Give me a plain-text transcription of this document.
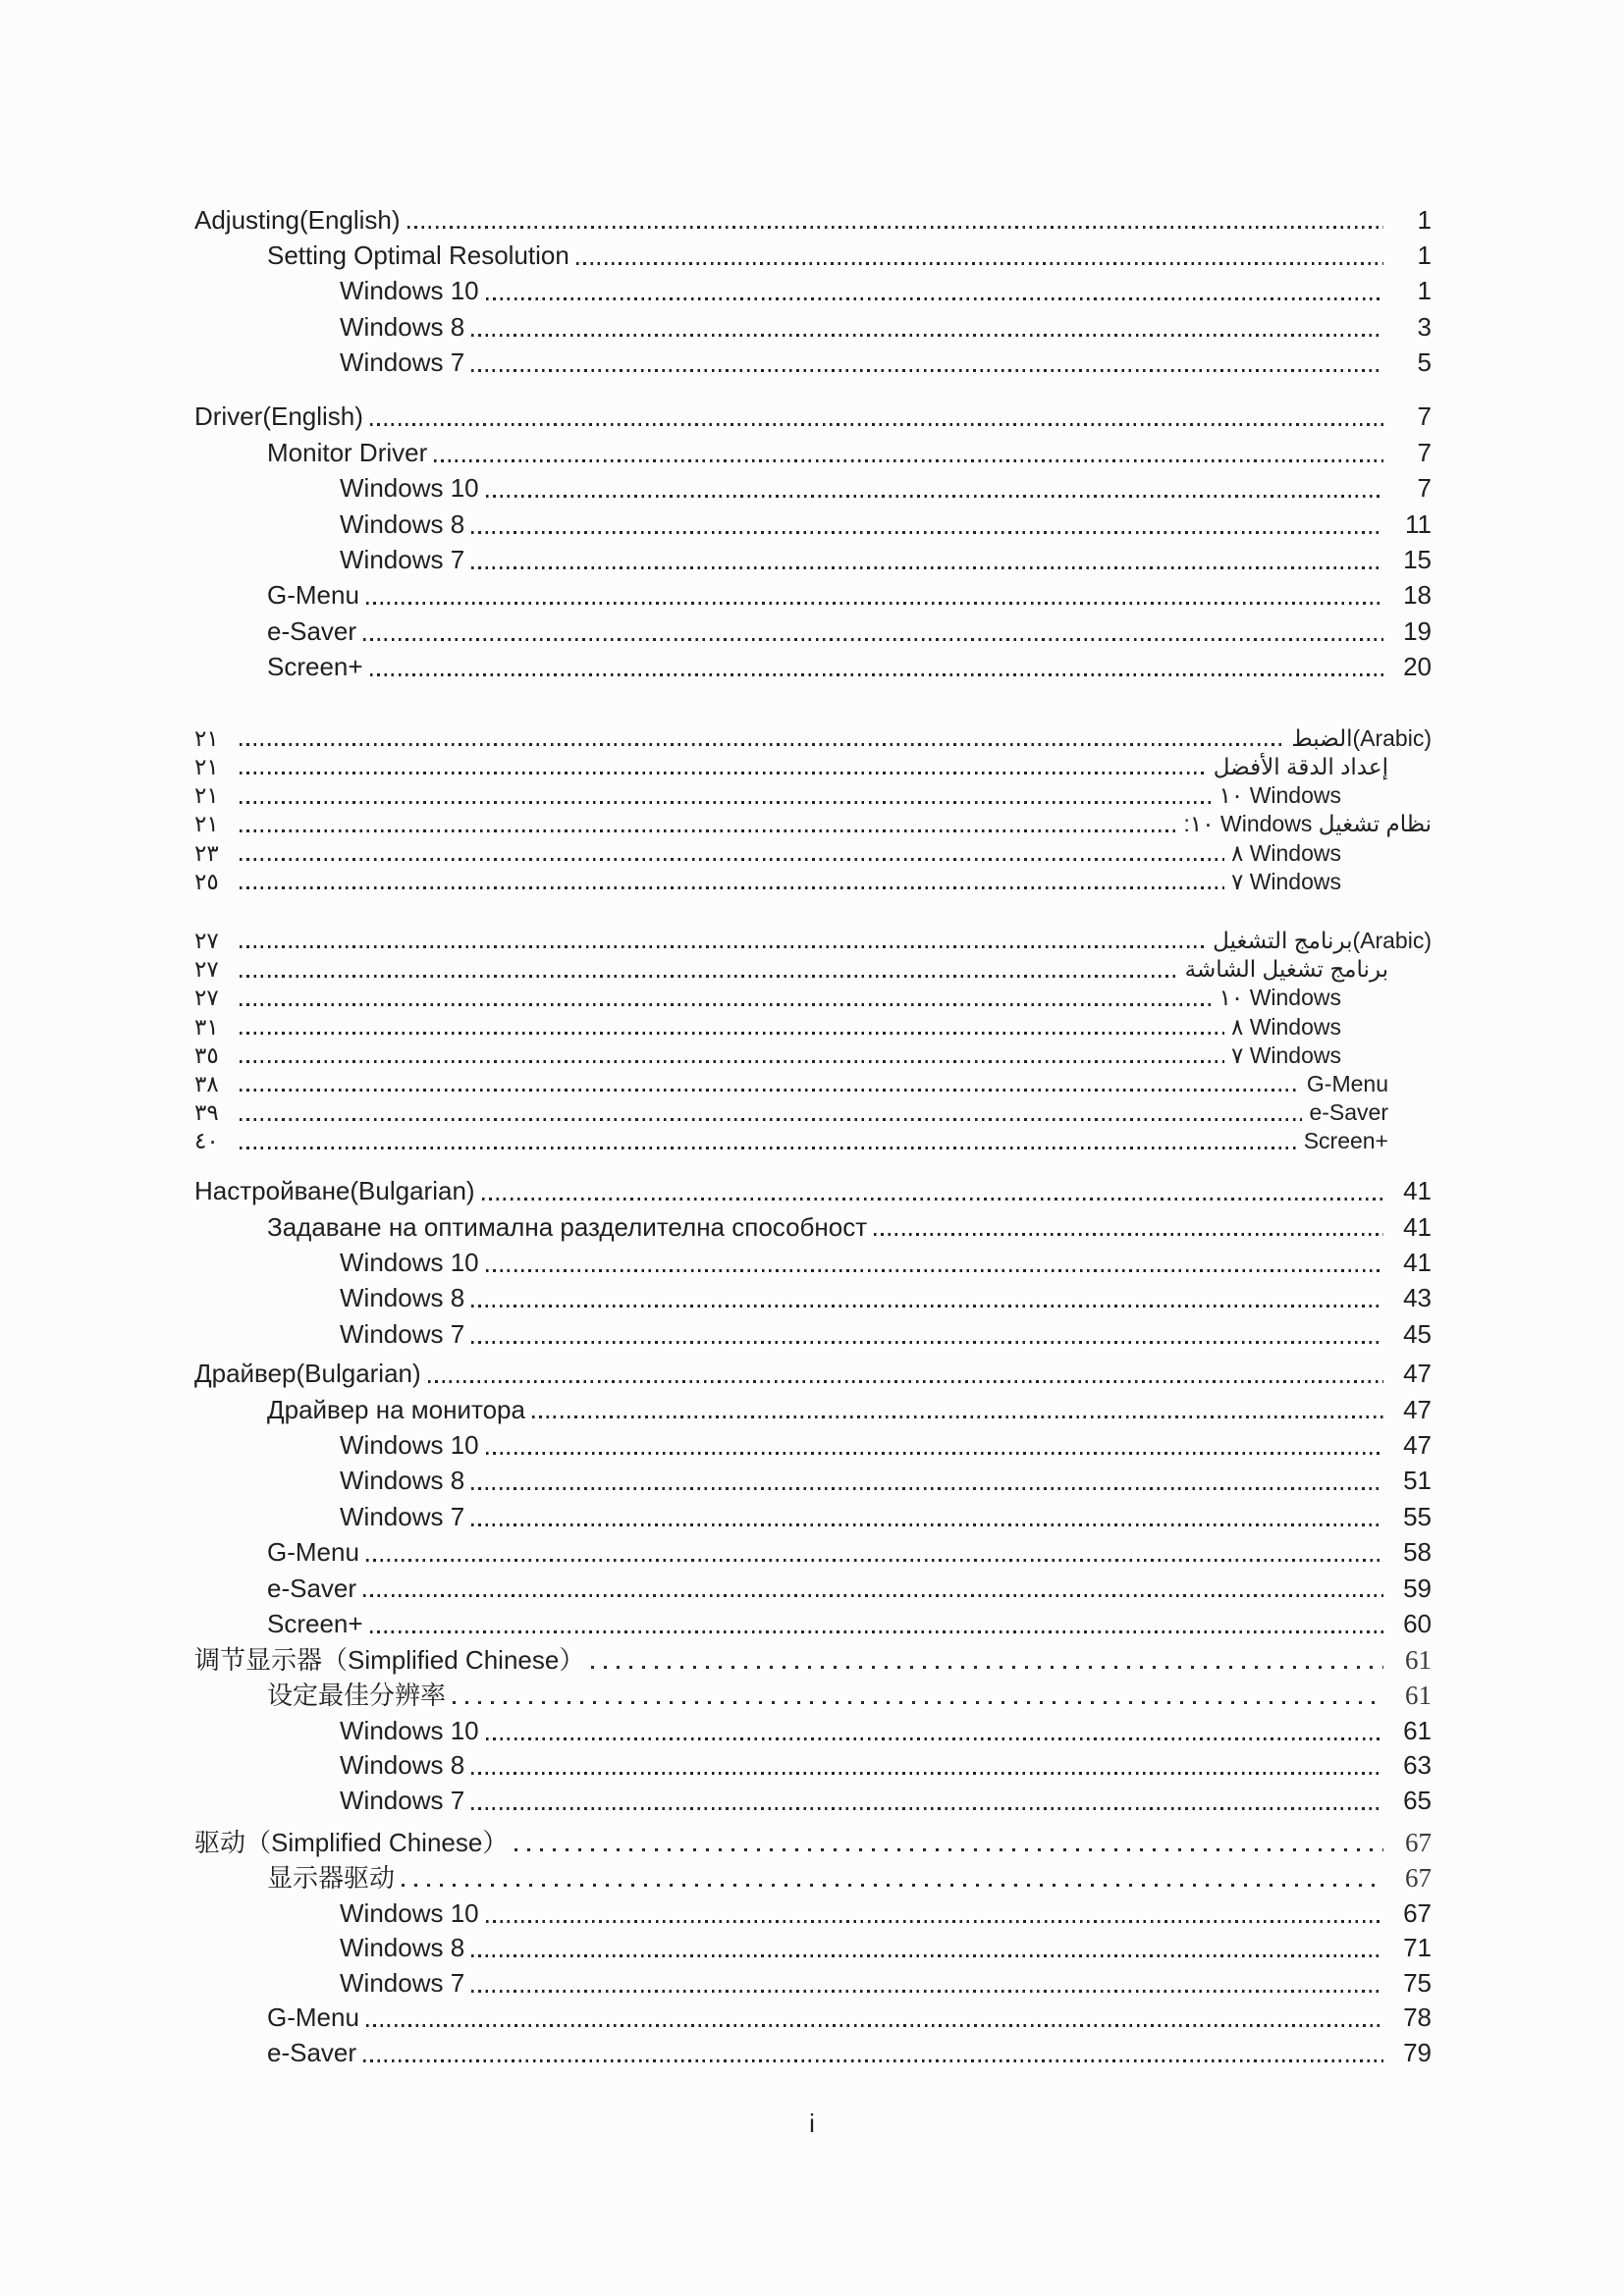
Adjusting(English)	1
Setting Optimal Resolution	1
Windows 10	1
Windows 8	3
Windows 7	5
Driver(English)	7
Monitor Driver	7
Windows 10	7
Windows 8	11
Windows 7	15
G-Menu	18
e-Saver	19
Screen+	20
٢١	الضبط(Arabic)
٢١	إعداد الدقة الأفضل
٢١	Windows ١٠
٢١	نظام تشغيل Windows ١٠:
٢٣	Windows ٨
٢٥	Windows ٧
٢٧	برنامج التشغيل(Arabic)
٢٧	برنامج تشغيل الشاشة
٢٧	Windows ١٠
٣١	Windows ٨
٣٥	Windows ٧
٣٨	G-Menu
٣٩	e-Saver
٤٠	Screen+
Настройване(Bulgarian)	41
Задаване на оптимална разделителна способност	41
Windows 10	41
Windows 8	43
Windows 7	45
Драйвер(Bulgarian)	47
Драйвер на монитора	47
Windows 10	47
Windows 8	51
Windows 7	55
G-Menu	58
e-Saver	59
Screen+	60
调节显示器（Simplified Chinese）	61
设定最佳分辨率	61
Windows 10	61
Windows 8	63
Windows 7	65
驱动（Simplified Chinese）	67
显示器驱动	67
Windows 10	67
Windows 8	71
Windows 7	75
G-Menu	78
e-Saver	79
i
